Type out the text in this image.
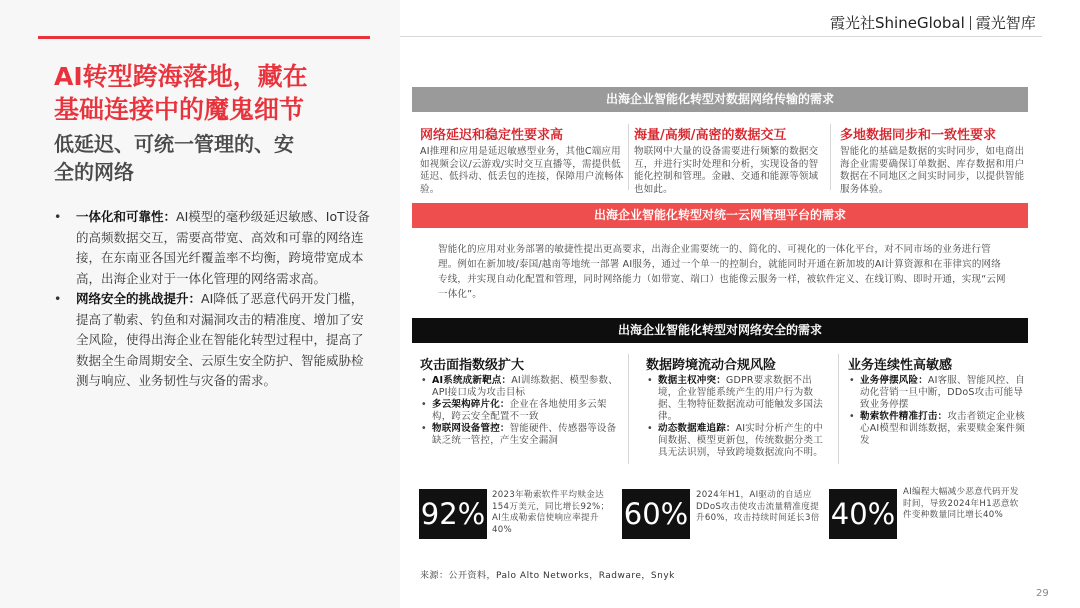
霞光社ShineGlobal 霞光智库
AI转型跨海落地，藏在
基础连接中的魔鬼细节
低延迟、可统一管理的、安
全的网络
• 一体化和可靠性：AI模型的毫秒级延迟敏感、IoT设备的高频数据交互，需要高带宽、高效和可靠的网络连接，在东南亚各国光纤覆盖率不均衡，跨境带宽成本高，出海企业对于一体化管理的网络需求高。
• 网络安全的挑战提升：AI降低了恶意代码开发门槛，提高了勒索、钓鱼和对漏洞攻击的精准度、增加了安全风险，使得出海企业在智能化转型过程中，提高了数据全生命周期安全、云原生安全防护、智能威胁检测与响应、业务韧性与灾备的需求。
出海企业智能化转型对数据网络传输的需求
网络延迟和稳定性要求高
AI推理和应用是延迟敏感型业务，其他C端应用如视频会议/云游戏/实时交互直播等，需提供低延迟、低抖动、低丢包的连接，保障用户流畅体验。
海量/高频/高密的数据交互
物联网中大量的设备需要进行频繁的数据交互，并进行实时处理和分析，实现设备的智能化控制和管理。金融、交通和能源等领域也如此。
多地数据同步和一致性要求
智能化的基础是数据的实时同步，如电商出海企业需要确保订单数据、库存数据和用户数据在不同地区之间实时同步，以提供智能服务体验。
出海企业智能化转型对统一云网管理平台的需求
智能化的应用对业务部署的敏捷性提出更高要求，出海企业需要统一的、简化的、可视化的一体化平台，对不同市场的业务进行管理。例如在新加坡/泰国/越南等地统一部署 AI服务，通过一个单一的控制台，就能同时开通在新加坡的AI计算资源和在菲律宾的网络专线，并实现自动化配置和管理，同时网络能力（如带宽、端口）也能像云服务一样，被软件定义、在线订购、即时开通，实现“云网一体化”。
出海企业智能化转型对网络安全的需求
攻击面指数级扩大
• AI系统成新靶点：AI训练数据、模型参数、API接口成为攻击目标
• 多云架构碎片化：企业在各地使用多云架构，跨云安全配置不一致
• 物联网设备管控：智能硬件、传感器等设备缺乏统一管控，产生安全漏洞
数据跨境流动合规风险
• 数据主权冲突：GDPR要求数据不出境，企业智能系统产生的用户行为数据、生物特征数据流动可能触发多国法律。
• 动态数据难追踪：AI实时分析产生的中间数据、模型更新包，传统数据分类工具无法识别，导致跨境数据流向不明。
业务连续性高敏感
• 业务停摆风险：AI客服、智能风控、自动化营销一旦中断，DDoS攻击可能导致业务停摆
• 勒索软件精准打击：攻击者锁定企业核心AI模型和训练数据，索要赎金案件频发
92%
2023年勒索软件平均赎金达154万美元，同比增长92%；AI生成勒索信使响应率提升40%	60%
2024年H1，AI驱动的自适应DDoS攻击使攻击流量精准度提升60%，攻击持续时间延长3倍 40%
AI编程大幅减少恶意代码开发时间，导致2024年H1恶意软件变种数量同比增长40%
来源：公开资料，Palo Alto Networks，Radware，Snyk
29
